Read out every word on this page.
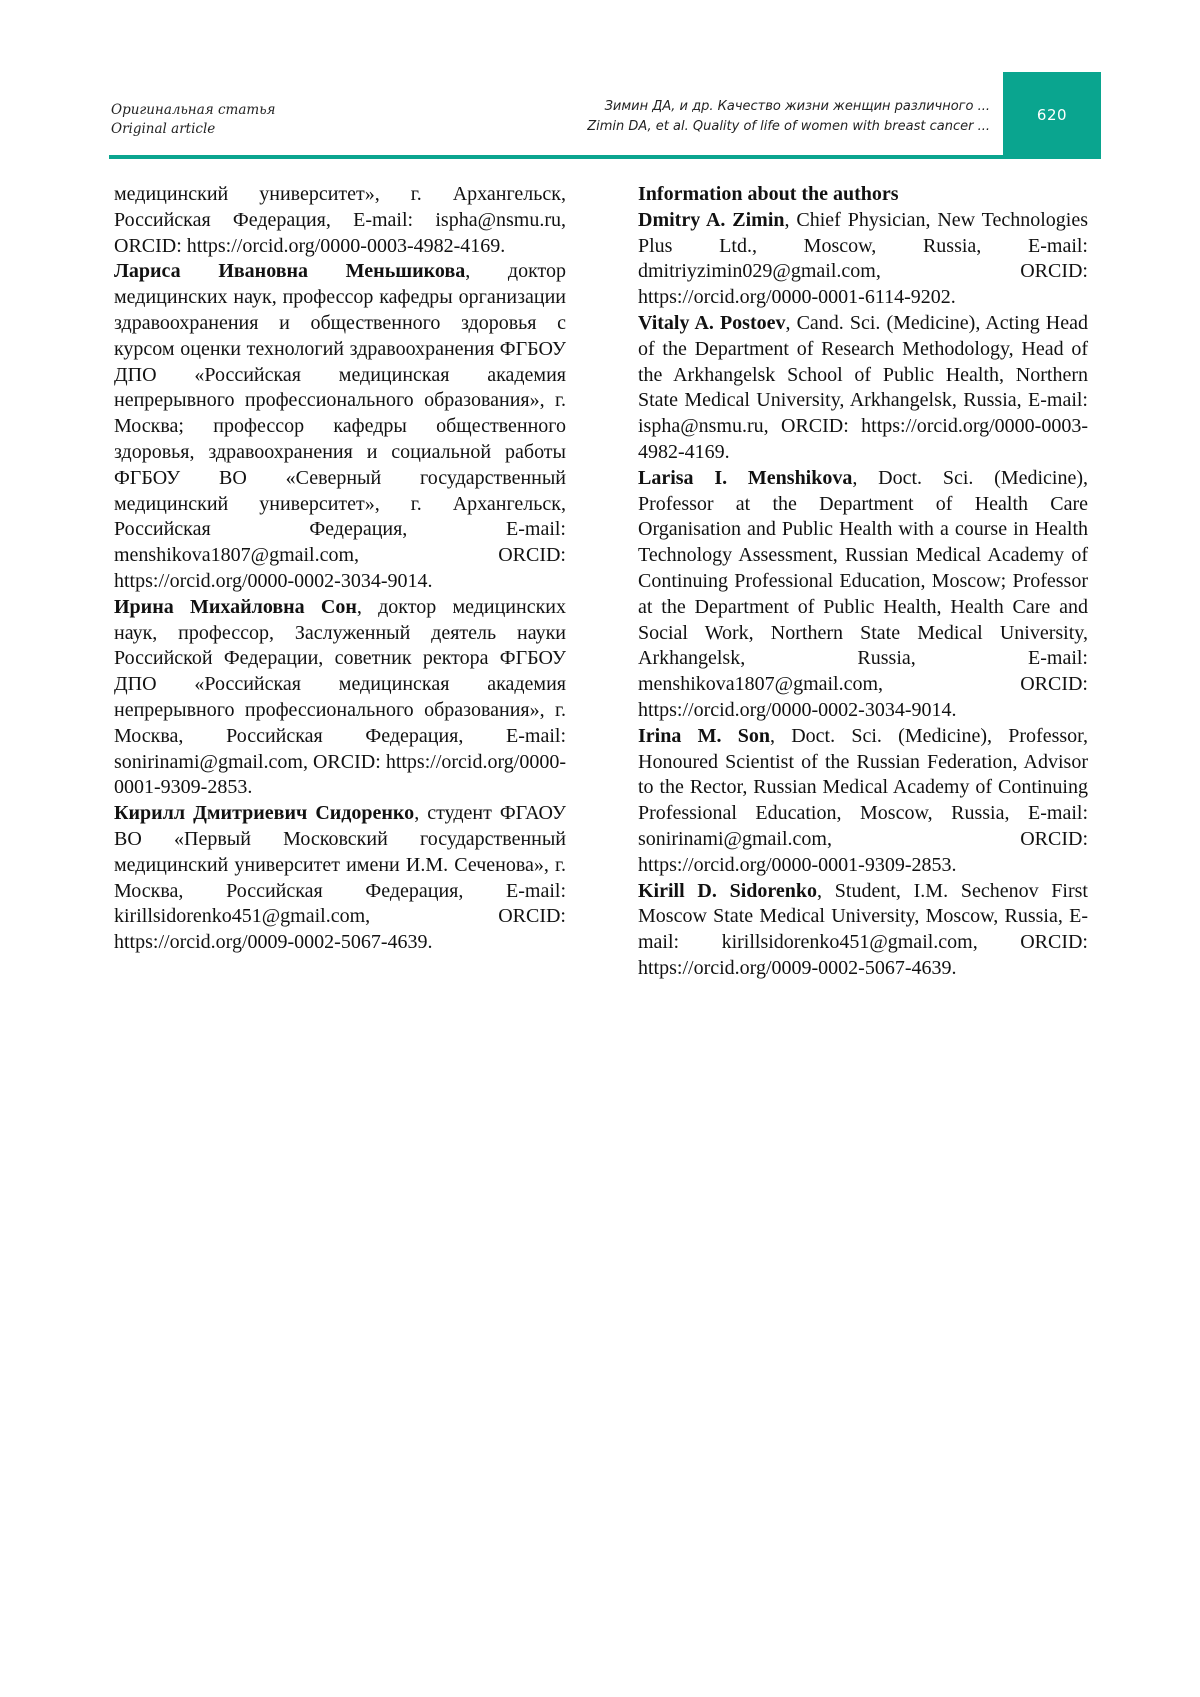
Оригинальная статья
Original article
Зимин ДА, и др. Качество жизни женщин различного ...
Zimin DA, et al. Quality of life of women with breast cancer ...
620

медицинский университет», г. Архангельск, Российская Федерация, E-mail: ispha@nsmu.ru, ORCID: https://orcid.org/0000-0003-4982-4169.

Лариса Ивановна Меньшикова, доктор медицинских наук, профессор кафедры организации здравоохранения и общественного здоровья с курсом оценки технологий здравоохранения ФГБОУ ДПО «Российская медицинская академия непрерывного профессионального образования», г. Москва; профессор кафедры общественного здоровья, здравоохранения и социальной работы ФГБОУ ВО «Северный государственный медицинский университет», г. Архангельск, Российская Федерация, E-mail: menshikova1807@gmail.com, ORCID: https://orcid.org/0000-0002-3034-9014.

Ирина Михайловна Сон, доктор медицинских наук, профессор, Заслуженный деятель науки Российской Федерации, советник ректора ФГБОУ ДПО «Российская медицинская академия непрерывного профессионального образования», г. Москва, Российская Федерация, E-mail: sonirinami@gmail.com, ORCID: https://orcid.org/0000-0001-9309-2853.

Кирилл Дмитриевич Сидоренко, студент ФГАОУ ВО «Первый Московский государственный медицинский университет имени И.М. Сеченова», г. Москва, Российская Федерация, E-mail: kirillsidorenko451@gmail.com, ORCID: https://orcid.org/0009-0002-5067-4639.

Information about the authors

Dmitry A. Zimin, Chief Physician, New Technologies Plus Ltd., Moscow, Russia, E-mail: dmitriyzimin029@gmail.com, ORCID: https://orcid.org/0000-0001-6114-9202.

Vitaly A. Postoev, Cand. Sci. (Medicine), Acting Head of the Department of Research Methodology, Head of the Arkhangelsk School of Public Health, Northern State Medical University, Arkhangelsk, Russia, E-mail: ispha@nsmu.ru, ORCID: https://orcid.org/0000-0003-4982-4169.

Larisa I. Menshikova, Doct. Sci. (Medicine), Professor at the Department of Health Care Organisation and Public Health with a course in Health Technology Assessment, Russian Medical Academy of Continuing Professional Education, Moscow; Professor at the Department of Public Health, Health Care and Social Work, Northern State Medical University, Arkhangelsk, Russia, E-mail: menshikova1807@gmail.com, ORCID: https://orcid.org/0000-0002-3034-9014.

Irina M. Son, Doct. Sci. (Medicine), Professor, Honoured Scientist of the Russian Federation, Advisor to the Rector, Russian Medical Academy of Continuing Professional Education, Moscow, Russia, E-mail: sonirinami@gmail.com, ORCID: https://orcid.org/0000-0001-9309-2853.

Kirill D. Sidorenko, Student, I.M. Sechenov First Moscow State Medical University, Moscow, Russia, E-mail: kirillsidorenko451@gmail.com, ORCID: https://orcid.org/0009-0002-5067-4639.
